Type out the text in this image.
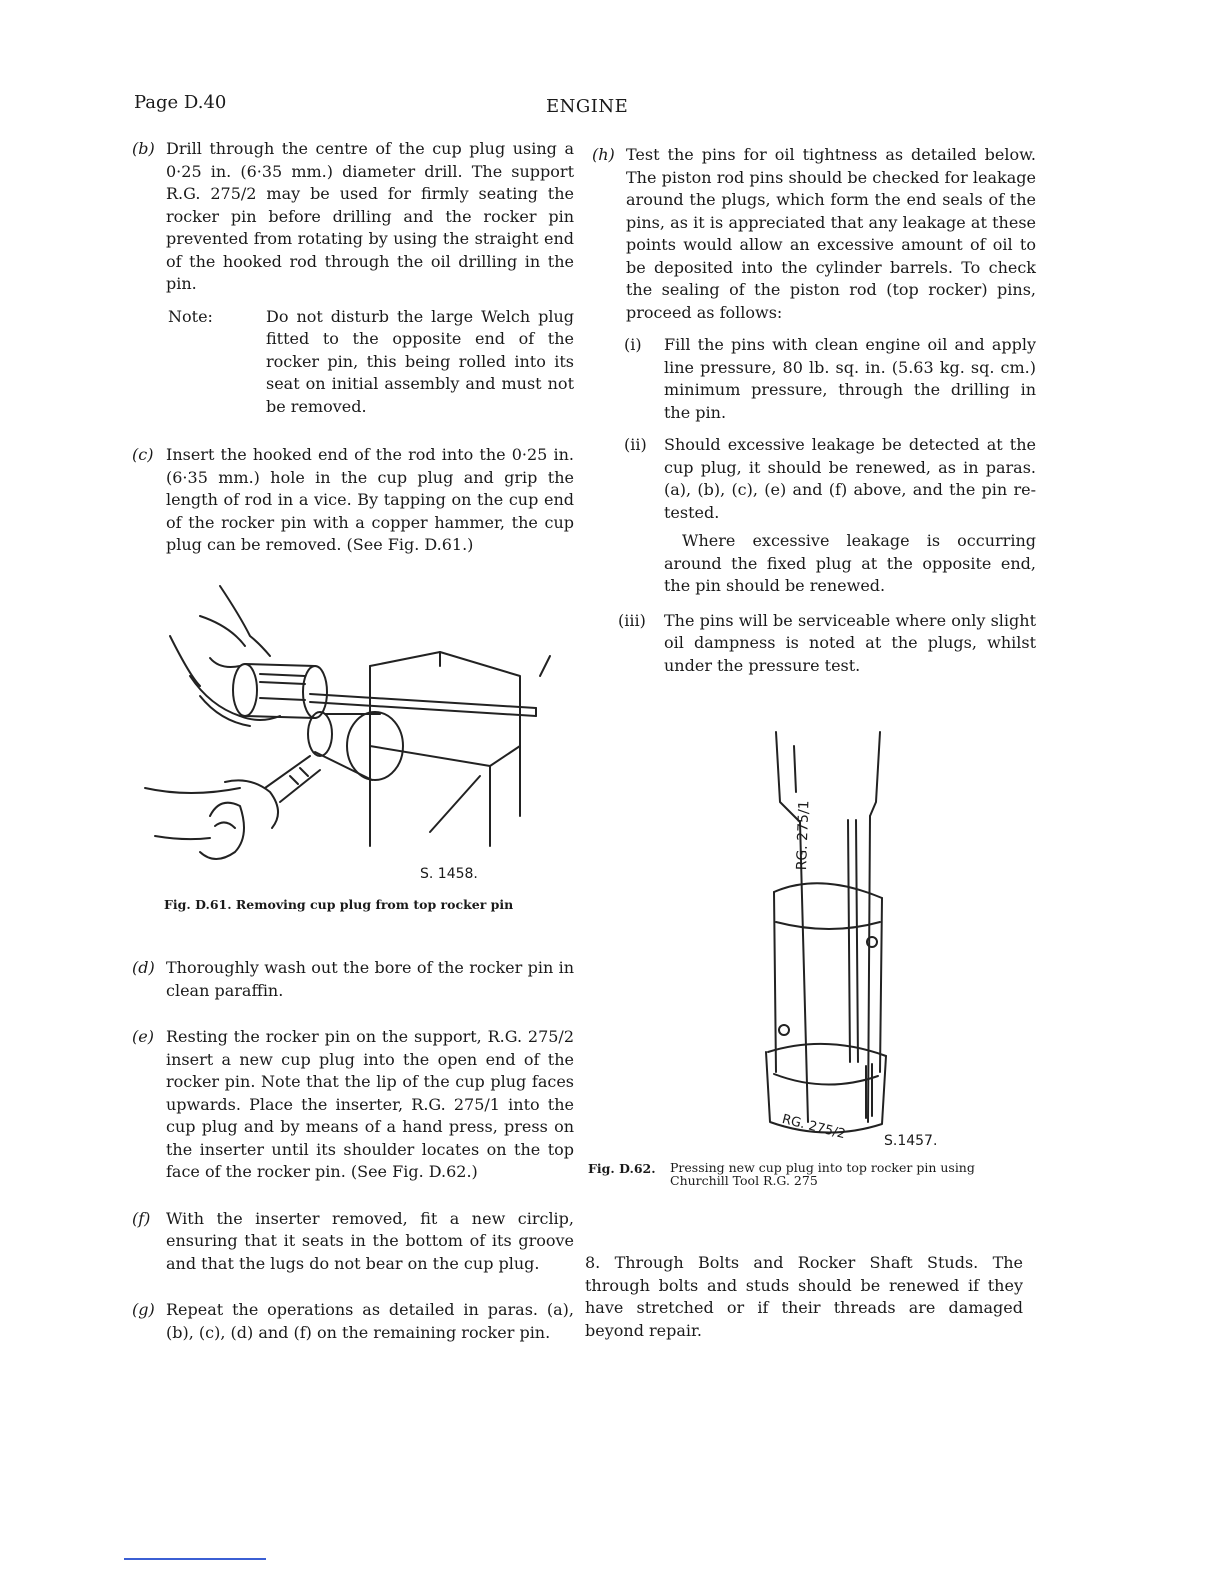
Page D.40	ENGINE

(b) Drill through the centre of the cup plug using a 0·25 in. (6·35 mm.) diameter drill. The support R.G. 275/2 may be used for firmly seating the rocker pin before drilling and the rocker pin prevented from rotating by using the straight end of the hooked rod through the oil drilling in the pin.

Note:	Do not disturb the large Welch plug fitted to the opposite end of the rocker pin, this being rolled into its seat on initial assembly and must not be removed.

(c) Insert the hooked end of the rod into the 0·25 in. (6·35 mm.) hole in the cup plug and grip the length of rod in a vice. By tapping on the cup end of the rocker pin with a copper hammer, the cup plug can be removed. (See Fig. D.61.)

S. 1458.
Fig. D.61. Removing cup plug from top rocker pin

(d) Thoroughly wash out the bore of the rocker pin in clean paraffin.

(e) Resting the rocker pin on the support, R.G. 275/2 insert a new cup plug into the open end of the rocker pin. Note that the lip of the cup plug faces upwards. Place the inserter, R.G. 275/1 into the cup plug and by means of a hand press, press on the inserter until its shoulder locates on the top face of the rocker pin. (See Fig. D.62.)

(f) With the inserter removed, fit a new circlip, ensuring that it seats in the bottom of its groove and that the lugs do not bear on the cup plug.

(g) Repeat the operations as detailed in paras. (a), (b), (c), (d) and (f) on the remaining rocker pin.

(h) Test the pins for oil tightness as detailed below. The piston rod pins should be checked for leakage around the plugs, which form the end seals of the pins, as it is appreciated that any leakage at these points would allow an excessive amount of oil to be deposited into the cylinder barrels. To check the sealing of the piston rod (top rocker) pins, proceed as follows:

(i) Fill the pins with clean engine oil and apply line pressure, 80 lb. sq. in. (5.63 kg. sq. cm.) minimum pressure, through the drilling in the pin.

(ii) Should excessive leakage be detected at the cup plug, it should be renewed, as in paras. (a), (b), (c), (e) and (f) above, and the pin re-tested.

Where excessive leakage is occurring around the fixed plug at the opposite end, the pin should be renewed.

(iii) The pins will be serviceable where only slight oil dampness is noted at the plugs, whilst under the pressure test.

RG. 275/1
RG. 275/2	S.1457.
Fig. D.62. Pressing new cup plug into top rocker pin using Churchill Tool R.G. 275
8. Through Bolts and Rocker Shaft Studs. The through bolts and studs should be renewed if they have stretched or if their threads are damaged beyond repair.
